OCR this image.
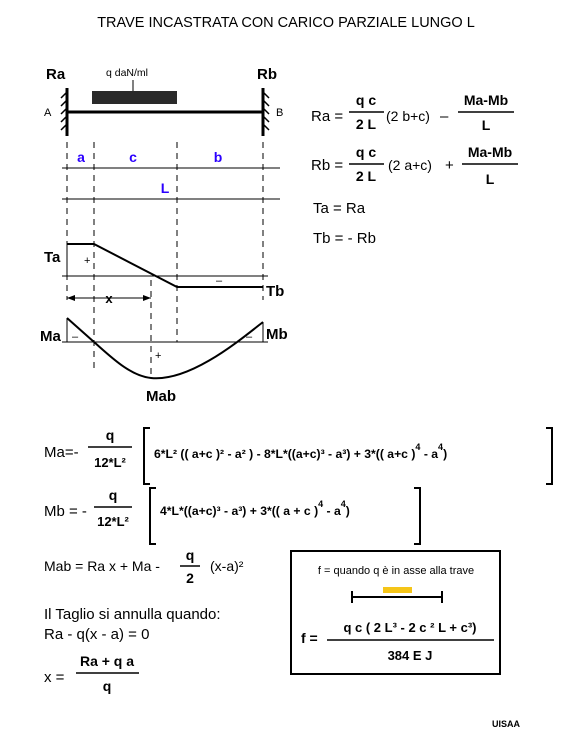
TRAVE INCASTRATA CON CARICO PARZIALE LUNGO L
Ra	Rb
A	B
q daN/ml
a	c	b
L
Ta
Tb
+
–
x
Ma	Mb
Mab
+
–	–
Ra =
q c
2 L (2 b+c) –
Ma-Mb
L
Rb =
q c
2 L
(2 a+c) +
Ma-Mb
L
Ta = Ra
Tb = - Rb
Ma=-
q
12*L²
6*L² (( a+c )² - a² ) - 8*L*((a+c)³ - a³) + 3*(( a+c )$^4 - a^4$)
Mb = -
q
12*L²
4*L*((a+c)³ - a³) + 3*(( a + c )$^4 - a^4$)
Mab = Ra x + Ma -
q
2
(x-a)²
Il Taglio si annulla quando:
Ra - q(x - a) = 0
x =
Ra + q a
q
f = quando q è in asse alla trave
f =
q c ( 2 L³ - 2 c ² L + c³)
384 E J
UISAA
